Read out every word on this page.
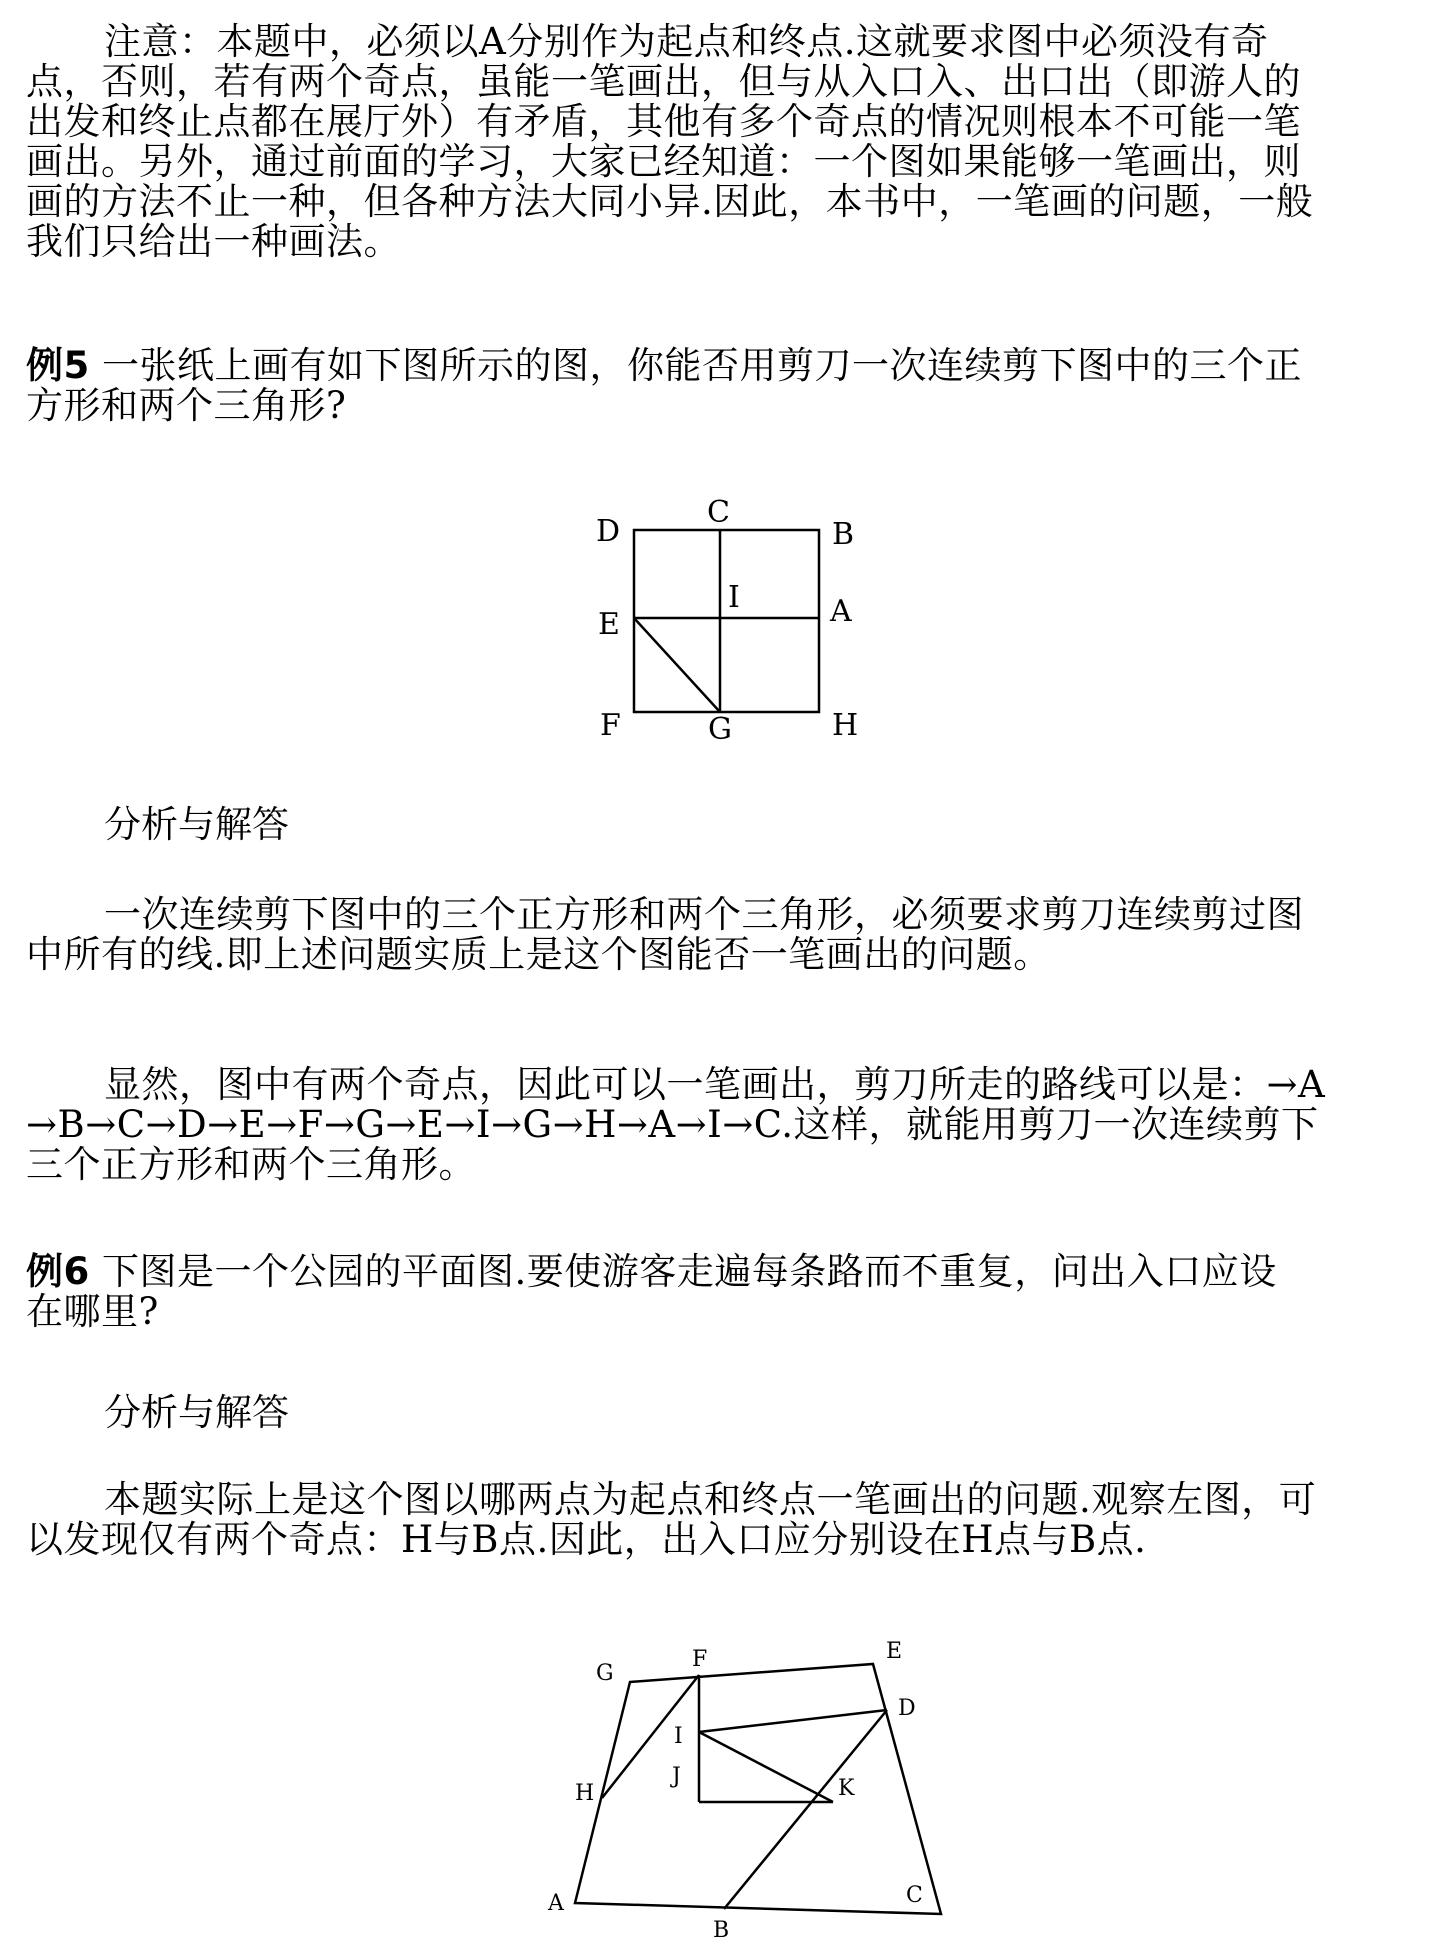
注意：本题中，必须以A分别作为起点和终点.这就要求图中必须没有奇
点，否则，若有两个奇点，虽能一笔画出，但与从入口入、出口出（即游人的
出发和终止点都在展厅外）有矛盾，其他有多个奇点的情况则根本不可能一笔
画出。另外，通过前面的学习，大家已经知道：一个图如果能够一笔画出，则
画的方法不止一种，但各种方法大同小异.因此，本书中，一笔画的问题，一般
我们只给出一种画法。
例5 一张纸上画有如下图所示的图，你能否用剪刀一次连续剪下图中的三个正
方形和两个三角形?
D
C
B
E
I	A
F	G	H
分析与解答
一次连续剪下图中的三个正方形和两个三角形，必须要求剪刀连续剪过图
中所有的线.即上述问题实质上是这个图能否一笔画出的问题。
显然，图中有两个奇点，因此可以一笔画出，剪刀所走的路线可以是：→A
→B→C→D→E→F→G→E→I→G→H→A→I→C.这样，就能用剪刀一次连续剪下
三个正方形和两个三角形。
例6 下图是一个公园的平面图.要使游客走遍每条路而不重复，问出入口应设
在哪里?
分析与解答
本题实际上是这个图以哪两点为起点和终点一笔画出的问题.观察左图，可
以发现仅有两个奇点：H与B点.因此，出入口应分别设在H点与B点.
G
F	E
D
I
J
H	K
A
B
C
